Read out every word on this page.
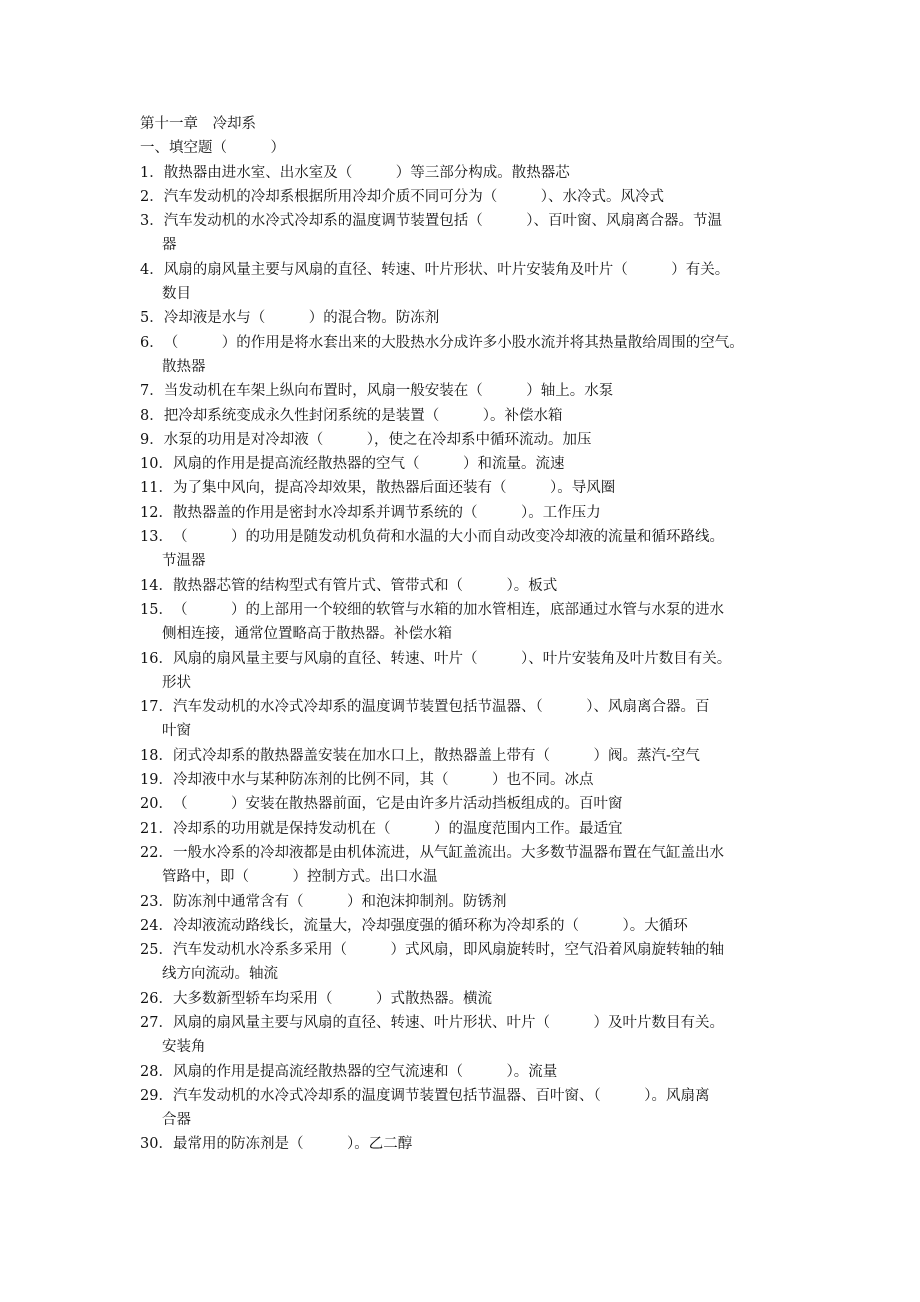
第十一章　冷却系
一、填空题（　　　）
1． 散热器由进水室、出水室及（　　　）等三部分构成。散热器芯
2． 汽车发动机的冷却系根据所用冷却介质不同可分为（　　　）、水冷式。风冷式
3． 汽车发动机的水冷式冷却系的温度调节装置包括（　　　）、百叶窗、风扇离合器。节温
器
4． 风扇的扇风量主要与风扇的直径、转速、叶片形状、叶片安装角及叶片（　　　）有关。
数目
5． 冷却液是水与（　　　）的混合物。防冻剂
6． （　　　）的作用是将水套出来的大股热水分成许多小股水流并将其热量散给周围的空气。
散热器
7． 当发动机在车架上纵向布置时，风扇一般安装在（　　　）轴上。水泵
8． 把冷却系统变成永久性封闭系统的是装置（　　　）。补偿水箱
9． 水泵的功用是对冷却液（　　　），使之在冷却系中循环流动。加压
10． 风扇的作用是提高流经散热器的空气（　　　）和流量。流速
11． 为了集中风向，提高冷却效果，散热器后面还装有（　　　）。导风圈
12． 散热器盖的作用是密封水冷却系并调节系统的（　　　）。工作压力
13． （　　　）的功用是随发动机负荷和水温的大小而自动改变冷却液的流量和循环路线。
节温器
14． 散热器芯管的结构型式有管片式、管带式和（　　　）。板式
15． （　　　）的上部用一个较细的软管与水箱的加水管相连，底部通过水管与水泵的进水
侧相连接，通常位置略高于散热器。补偿水箱
16． 风扇的扇风量主要与风扇的直径、转速、叶片（　　　）、叶片安装角及叶片数目有关。
形状
17． 汽车发动机的水冷式冷却系的温度调节装置包括节温器、（　　　）、风扇离合器。百
叶窗
18． 闭式冷却系的散热器盖安装在加水口上，散热器盖上带有（　　　）阀。蒸汽-空气
19． 冷却液中水与某种防冻剂的比例不同，其（　　　）也不同。冰点
20． （　　　）安装在散热器前面，它是由许多片活动挡板组成的。百叶窗
21． 冷却系的功用就是保持发动机在（　　　）的温度范围内工作。最适宜
22． 一般水冷系的冷却液都是由机体流进，从气缸盖流出。大多数节温器布置在气缸盖出水
管路中，即（　　　）控制方式。出口水温
23． 防冻剂中通常含有（　　　）和泡沫抑制剂。防锈剂
24． 冷却液流动路线长，流量大，冷却强度强的循环称为冷却系的（　　　）。大循环
25． 汽车发动机水冷系多采用（　　　）式风扇，即风扇旋转时，空气沿着风扇旋转轴的轴
线方向流动。轴流
26． 大多数新型轿车均采用（　　　）式散热器。横流
27． 风扇的扇风量主要与风扇的直径、转速、叶片形状、叶片（　　　）及叶片数目有关。
安装角
28． 风扇的作用是提高流经散热器的空气流速和（　　　）。流量
29． 汽车发动机的水冷式冷却系的温度调节装置包括节温器、百叶窗、（　　　）。风扇离
合器
30． 最常用的防冻剂是（　　　）。乙二醇
